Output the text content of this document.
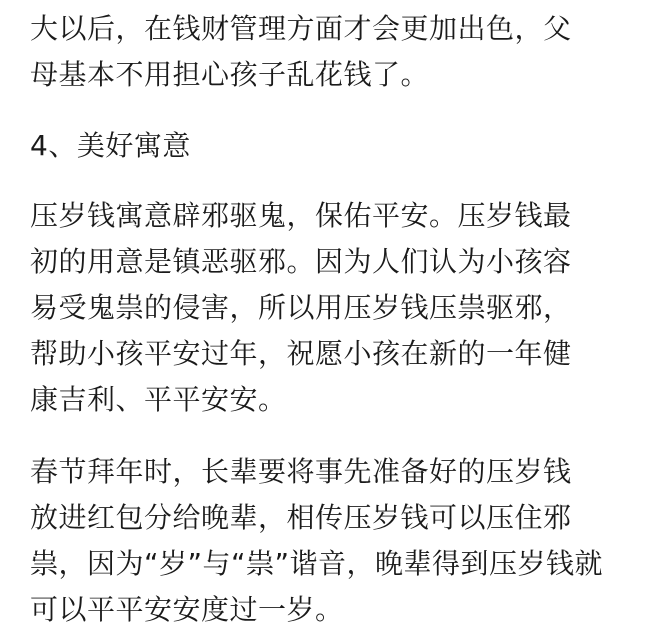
大以后，在钱财管理方面才会更加出色，父
母基本不用担心孩子乱花钱了。

4、美好寓意

压岁钱寓意辟邪驱鬼，保佑平安。压岁钱最
初的用意是镇恶驱邪。因为人们认为小孩容
易受鬼祟的侵害，所以用压岁钱压祟驱邪，
帮助小孩平安过年，祝愿小孩在新的一年健
康吉利、平平安安。

春节拜年时，长辈要将事先准备好的压岁钱
放进红包分给晚辈，相传压岁钱可以压住邪
祟，因为“岁”与“祟”谐音，晚辈得到压岁钱就
可以平平安安度过一岁。
